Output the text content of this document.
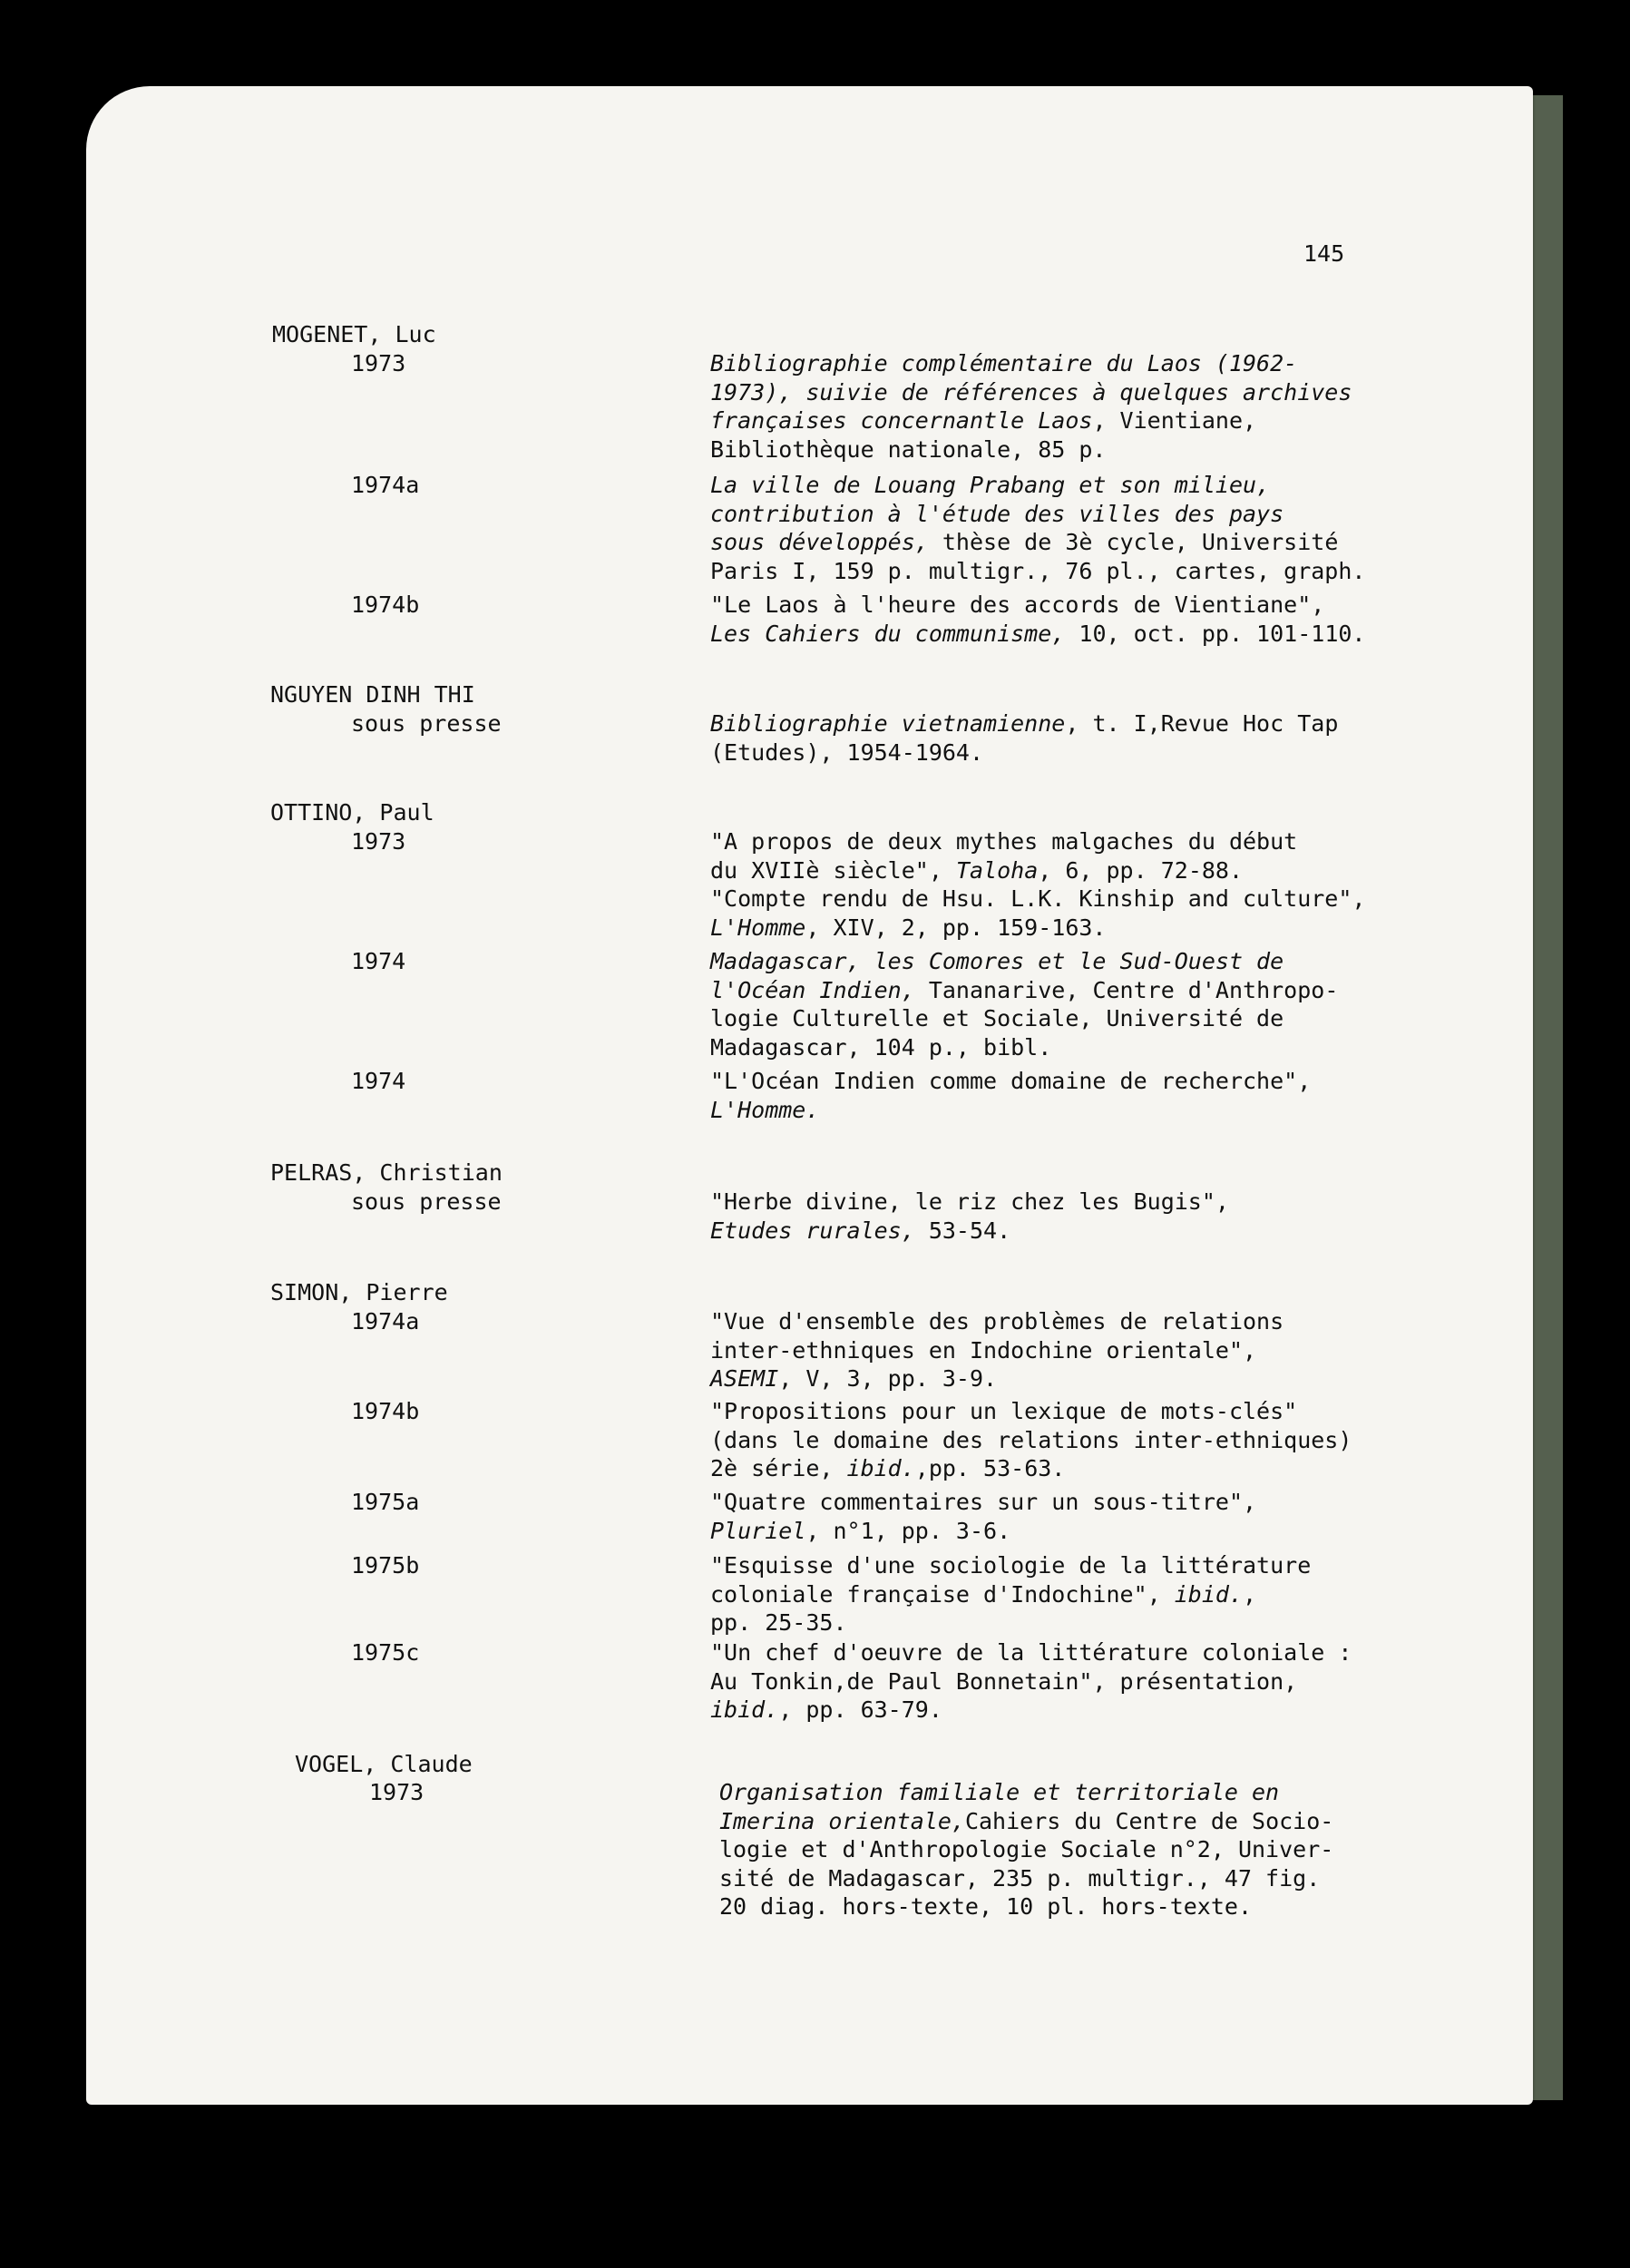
145
MOGENET, Luc
1973	Bibliographie complémentaire du Laos (1962-
1973), suivie de références à quelques archives
françaises concernantle Laos, Vientiane,
Bibliothèque nationale, 85 p.
1974a	La ville de Louang Prabang et son milieu,
contribution à l'étude des villes des pays
sous développés, thèse de 3è cycle, Université
Paris I, 159 p. multigr., 76 pl., cartes, graph.
1974b	"Le Laos à l'heure des accords de Vientiane",
Les Cahiers du communisme, 10, oct. pp. 101-110.
NGUYEN DINH THI
sous presse	Bibliographie vietnamienne, t. I,Revue Hoc Tap
(Etudes), 1954-1964.
OTTINO, Paul
1973	"A propos de deux mythes malgaches du début
du XVIIè siècle", Taloha, 6, pp. 72-88.
"Compte rendu de Hsu. L.K. Kinship and culture",
L'Homme, XIV, 2, pp. 159-163.
1974	Madagascar, les Comores et le Sud-Ouest de
l'Océan Indien, Tananarive, Centre d'Anthropo-
logie Culturelle et Sociale, Université de
Madagascar, 104 p., bibl.
1974	"L'Océan Indien comme domaine de recherche",
L'Homme.
PELRAS, Christian
sous presse	"Herbe divine, le riz chez les Bugis",
Etudes rurales, 53-54.
SIMON, Pierre
1974a	"Vue d'ensemble des problèmes de relations
inter-ethniques en Indochine orientale",
ASEMI, V, 3, pp. 3-9.
1974b	"Propositions pour un lexique de mots-clés"
(dans le domaine des relations inter-ethniques)
2è série, ibid.,pp. 53-63.
1975a	"Quatre commentaires sur un sous-titre",
Pluriel, n°1, pp. 3-6.
1975b	"Esquisse d'une sociologie de la littérature
coloniale française d'Indochine", ibid.,
pp. 25-35.
1975c	"Un chef d'oeuvre de la littérature coloniale :
Au Tonkin,de Paul Bonnetain", présentation,
ibid., pp. 63-79.
VOGEL, Claude
1973	Organisation familiale et territoriale en
Imerina orientale,Cahiers du Centre de Socio-
logie et d'Anthropologie Sociale n°2, Univer-
sité de Madagascar, 235 p. multigr., 47 fig.
20 diag. hors-texte, 10 pl. hors-texte.
